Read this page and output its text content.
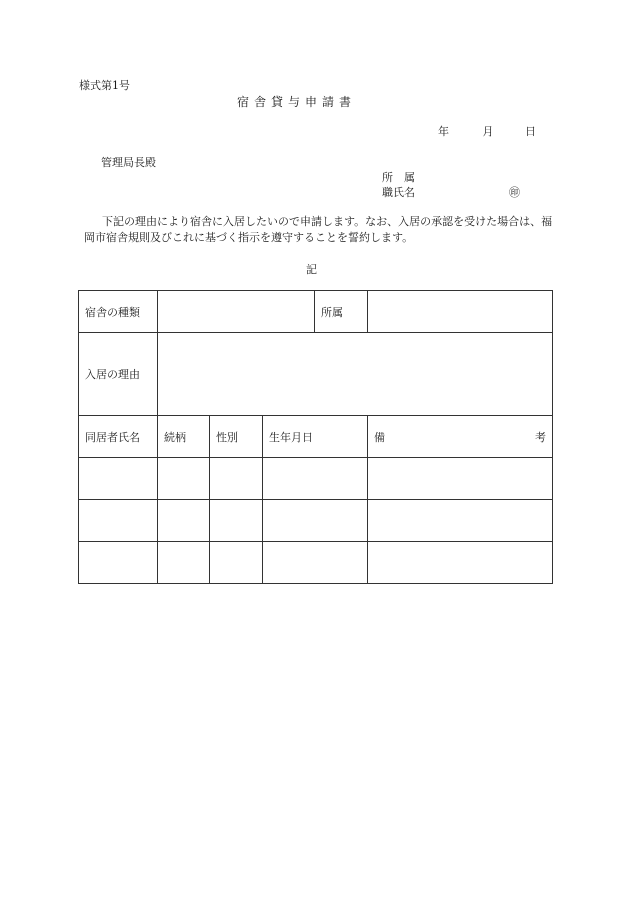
様式第1号
宿舎貸与申請書
年	月	日
管理局長殿
所　属
職氏名	㊞
下記の理由により宿舎に入居したいので申請します。なお、入居の承認を受けた場合は、福岡市宿舎規則及びこれに基づく指示を遵守することを誓約します。
記
宿舎の種類				所属	

入居の理由					
同居者氏名	続柄	性別	生年月日		備 考
